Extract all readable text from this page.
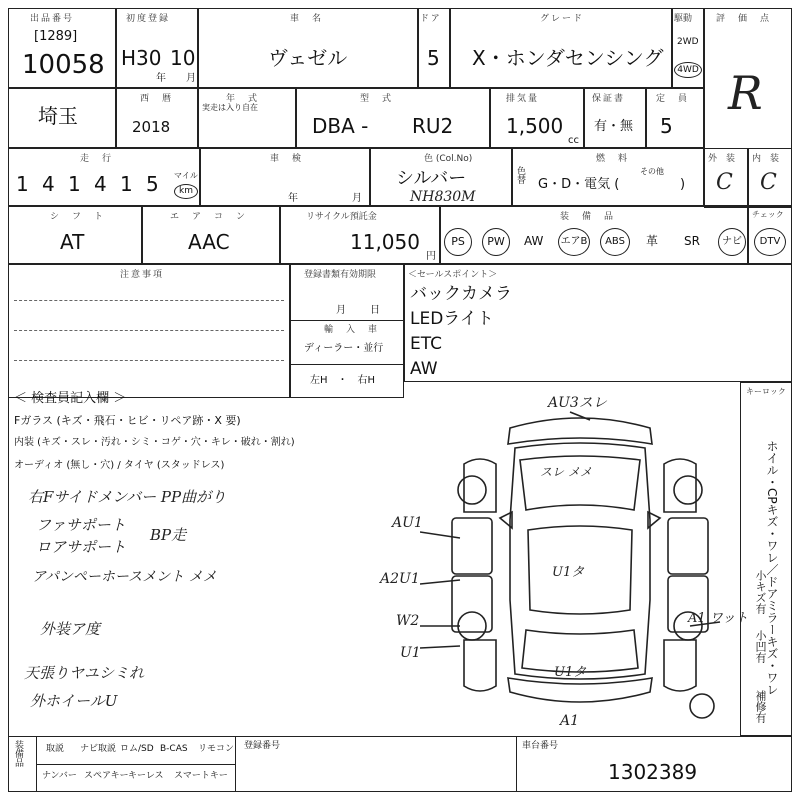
出品番号
[1289]
10058
初度登録
H30 10
年 月
車　名
ヴェゼル
ドア
5
グレード
X・ホンダセンシング
駆動
2WD
4WD
評　価　点
R
埼玉
西　暦
2018
年　式
実走は入り自在
型　式
DBA - RU2
排気量
1,500
cc
保証書
有・無
定　員
5
走　行
1 4 1 4 1 5 マイル
km
車　検
年	月
色 (Col.No)
シルバー
NH830M
燃　料
色替
G・D・電気 (
その他
)
外　装
C
内　装
C
シ　フ　ト
AT
エ　ア　コ　ン
AAC
リサイクル預託金
11,050
円
装　備　品
PS	PW	AW エアB	ABS	革 SR	ナビ
チェック
DTV
注意事項	登録書類有効期限
月 日
輸　入　車
ディーラー・並行
左H　・　右H
＜セールスポイント＞
バックカメラ
LEDライト
ETC
AW
＜ 検査員記入欄 ＞
Fガラス (キズ・飛石・ヒビ・リペア跡・X 要)
内装 (キズ・スレ・汚れ・シミ・コゲ・穴・キレ・破れ・割れ)
オーディオ (無し・穴) / タイヤ (スタッドレス)
右Fサイドメンバー PP曲がり
ファサポート
ロアサポート
BP走
アパンペーホースメント メメ
外装ア度
天張りヤユシミれ
外ホイールU
キーロック
ホイル・CPキズ・ワレ／ドアミラーキズ・ワレ
小キズ有
小凹有
補修有
AU3スレ
スレ メメ
AU1
A2U1
W2
U1
U1タ
U1タ
A1 ワット
A1
装備品	取説 ナビ取説 ロム/SD B-CAS リモコン
ナンバー スペアキー キーレス スマートキー
登録番号	車台番号
1302389
